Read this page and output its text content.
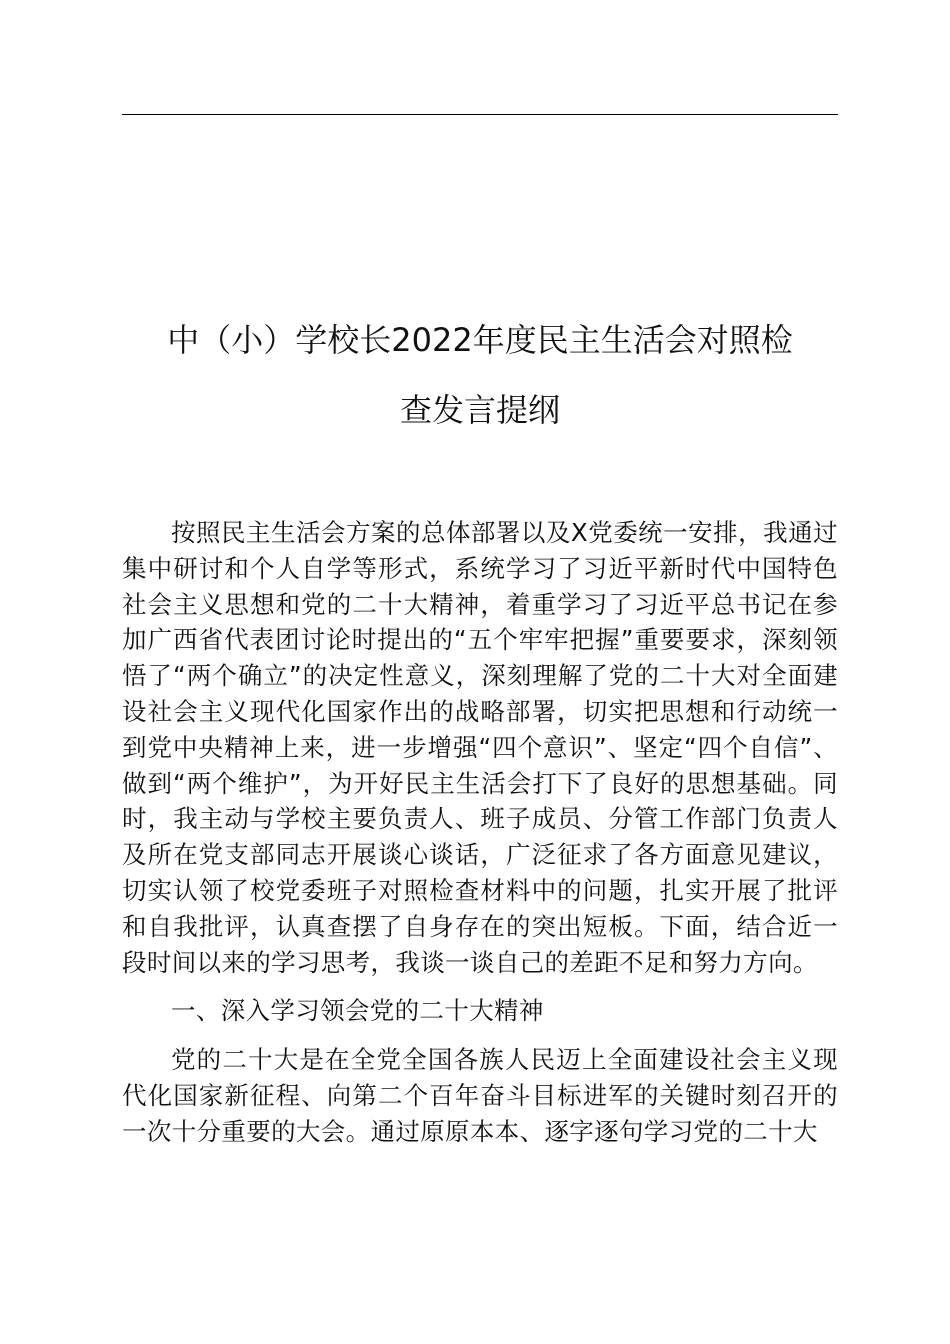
中（小）学校长2022年度民主生活会对照检
查发言提纲

按照民主生活会方案的总体部署以及X党委统一安排，我通过集中研讨和个人自学等形式，系统学习了习近平新时代中国特色社会主义思想和党的二十大精神，着重学习了习近平总书记在参加广西省代表团讨论时提出的“五个牢牢把握”重要要求，深刻领悟了“两个确立”的决定性意义，深刻理解了党的二十大对全面建设社会主义现代化国家作出的战略部署，切实把思想和行动统一到党中央精神上来，进一步增强“四个意识”、坚定“四个自信”、做到“两个维护”，为开好民主生活会打下了良好的思想基础。同时，我主动与学校主要负责人、班子成员、分管工作部门负责人及所在党支部同志开展谈心谈话，广泛征求了各方面意见建议，切实认领了校党委班子对照检查材料中的问题，扎实开展了批评和自我批评，认真查摆了自身存在的突出短板。下面，结合近一段时间以来的学习思考，我谈一谈自己的差距不足和努力方向。

一、深入学习领会党的二十大精神

党的二十大是在全党全国各族人民迈上全面建设社会主义现代化国家新征程、向第二个百年奋斗目标进军的关键时刻召开的一次十分重要的大会。通过原原本本、逐字逐句学习党的二十大
